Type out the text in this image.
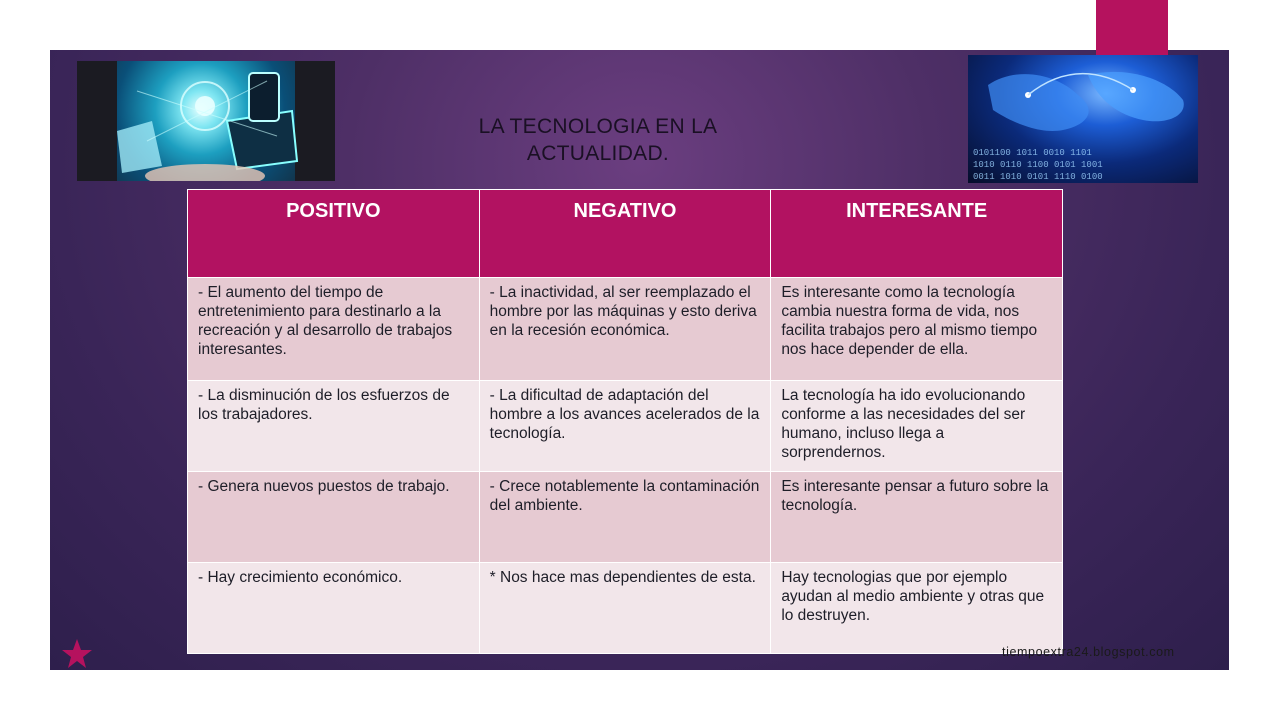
0101100 1011 0010 1101
1010 0110 1100 0101 1001
0011 1010 0101 1110 0100
LA TECNOLOGIA EN LA ACTUALIDAD.
POSITIVO	NEGATIVO	INTERESANTE
- El aumento del tiempo de entretenimiento para destinarlo a la recreación y al desarrollo de trabajos interesantes.	- La inactividad, al ser reemplazado el hombre por las máquinas y esto deriva en la recesión económica.	Es interesante como la tecnología cambia nuestra forma de vida, nos facilita trabajos pero al mismo tiempo nos hace depender de ella.
- La disminución de los esfuerzos de los trabajadores.	- La dificultad de adaptación del hombre a los avances acelerados de la tecnología.	La tecnología ha ido evolucionando conforme a las necesidades del ser humano, incluso llega a sorprendernos.
- Genera nuevos puestos de trabajo.	- Crece notablemente la contaminación del ambiente.	Es interesante pensar a futuro sobre la tecnología.
- Hay crecimiento económico.	* Nos hace mas dependientes de esta.	Hay tecnologias que por ejemplo ayudan al medio ambiente y otras que lo destruyen.
tiempoextra24.blogspot.com
